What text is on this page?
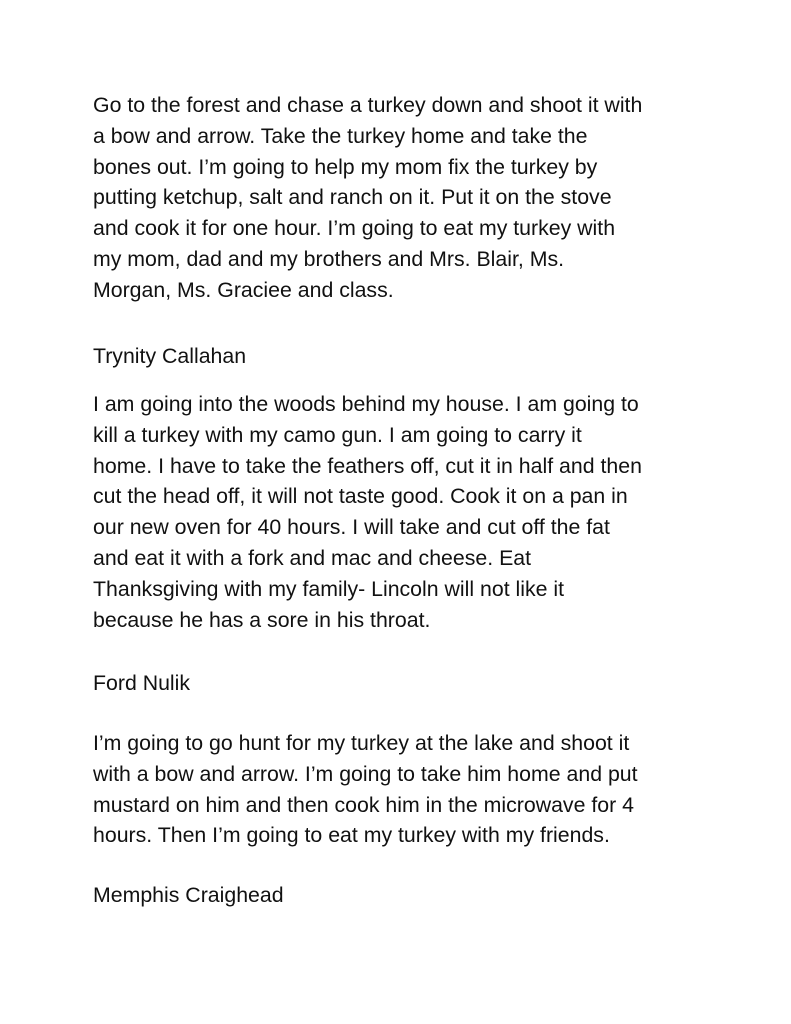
Go to the forest and chase a turkey down and shoot it with
a bow and arrow. Take the turkey home and take the
bones out. I’m going to help my mom fix the turkey by
putting ketchup, salt and ranch on it. Put it on the stove
and cook it for one hour. I’m going to eat my turkey with
my mom, dad and my brothers and Mrs. Blair, Ms.
Morgan, Ms. Graciee and class.
Trynity Callahan
I am going into the woods behind my house. I am going to
kill a turkey with my camo gun. I am going to carry it
home. I have to take the feathers off, cut it in half and then
cut the head off, it will not taste good. Cook it on a pan in
our new oven for 40 hours. I will take and cut off the fat
and eat it with a fork and mac and cheese. Eat
Thanksgiving with my family- Lincoln will not like it
because he has a sore in his throat.
Ford Nulik
I’m going to go hunt for my turkey at the lake and shoot it
with a bow and arrow. I’m going to take him home and put
mustard on him and then cook him in the microwave for 4
hours. Then I’m going to eat my turkey with my friends.
Memphis Craighead
